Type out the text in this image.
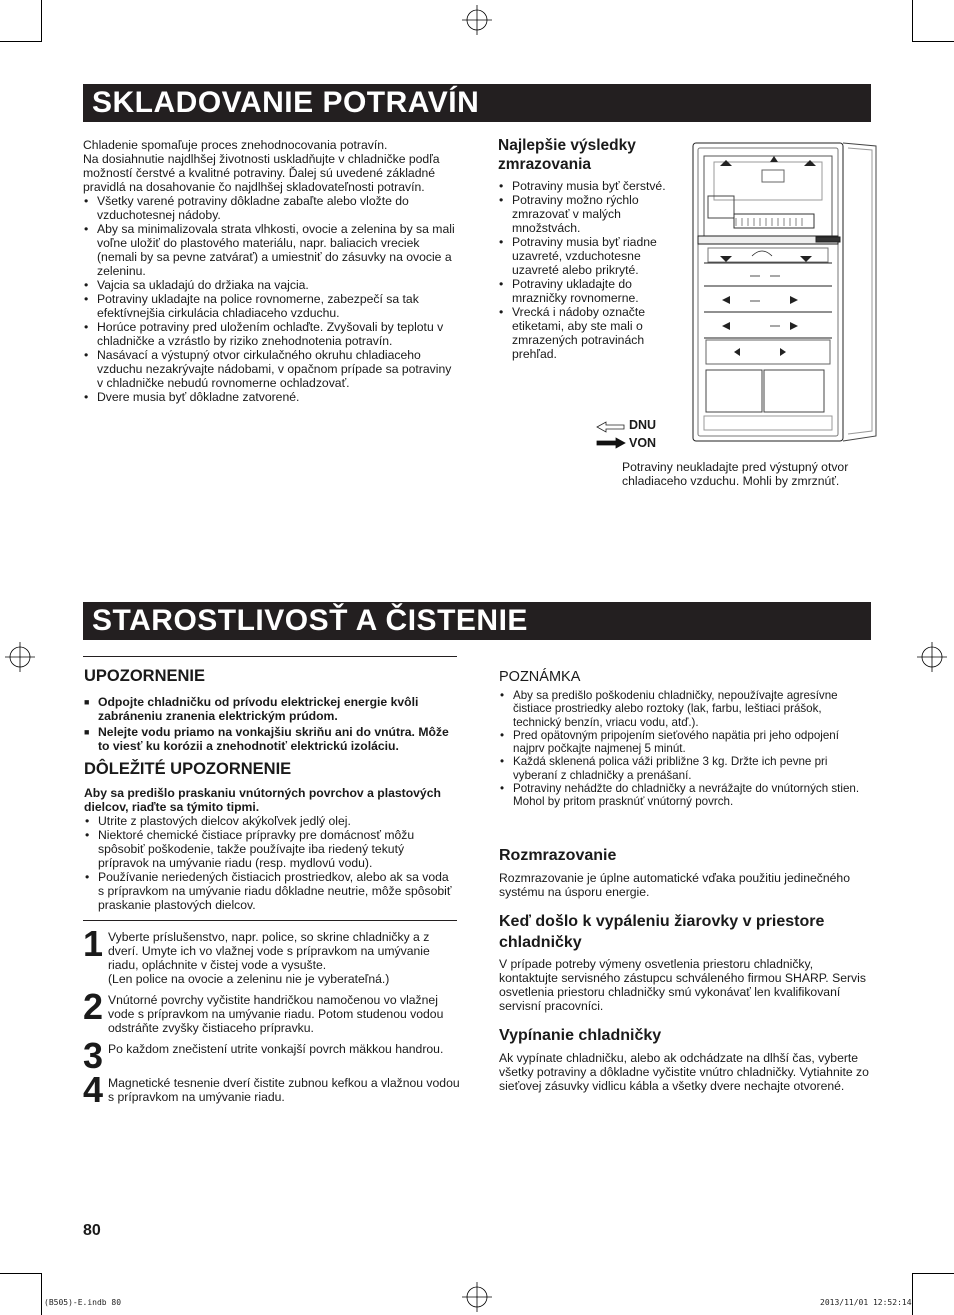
SKLADOVANIE POTRAVÍN

Chladenie spomaľuje proces znehodnocovania potravín.

Na dosiahnutie najdlhšej životnosti uskladňujte v chladničke podľa možností čerstvé a kvalitné potraviny. Ďalej sú uvedené základné pravidlá na dosahovanie čo najdlhšej skladovateľnosti potravín.

• Všetky varené potraviny dôkladne zabaľte alebo vložte do vzduchotesnej nádoby.
• Aby sa minimalizovala strata vlhkosti, ovocie a zelenina by sa mali voľne uložiť do plastového materiálu, napr. baliacich vreciek (nemali by sa pevne zatvárať) a umiestniť do zásuvky na ovocie a zeleninu.
• Vajcia sa ukladajú do držiaka na vajcia.
• Potraviny ukladajte na police rovnomerne, zabezpečí sa tak efektívnejšia cirkulácia chladiaceho vzduchu.
• Horúce potraviny pred uložením ochlaďte. Zvyšovali by teplotu v chladničke a vzrástlo by riziko znehodnotenia potravín.
• Nasávací a výstupný otvor cirkulačného okruhu chladiaceho vzduchu nezakrývajte nádobami, v opačnom prípade sa potraviny v chladničke nebudú rovnomerne ochladzovať.
• Dvere musia byť dôkladne zatvorené.

Najlepšie výsledky zmrazovania

• Potraviny musia byť čerstvé.
• Potraviny možno rýchlo zmrazovať v malých množstvách.
• Potraviny musia byť riadne uzavreté, vzduchotesne uzavreté alebo prikryté.
• Potraviny ukladajte do mrazničky rovnomerne.
• Vrecká i nádoby označte etiketami, aby ste mali o zmrazených potravinách prehľad.
DNU
VON
Potraviny neukladajte pred výstupný otvor chladiaceho vzduchu. Mohli by zmrznúť.
STAROSTLIVOSŤ A ČISTENIE

UPOZORNENIE

■ Odpojte chladničku od prívodu elektrickej energie kvôli zabráneniu zranenia elektrickým prúdom.
■ Nelejte vodu priamo na vonkajšiu skriňu ani do vnútra. Môže to viesť ku korózii a znehodnotiť elektrickú izoláciu.

DÔLEŽITÉ UPOZORNENIE

Aby sa predišlo praskaniu vnútorných povrchov a plastových dielcov, riaďte sa týmito tipmi.

• Utrite z plastových dielcov akýkoľvek jedlý olej.
• Niektoré chemické čistiace prípravky pre domácnosť môžu spôsobiť poškodenie, takže používajte iba riedený tekutý prípravok na umývanie riadu (resp. mydlovú vodu).
• Používanie neriedených čistiacich prostriedkov, alebo ak sa voda s prípravkom na umývanie riadu dôkladne neutrie, môže spôsobiť praskanie plastových dielcov.
1 Vyberte príslušenstvo, napr. police, so skrine chladničky a z dverí. Umyte ich vo vlažnej vode s prípravkom na umývanie riadu, opláchnite v čistej vode a vysušte.
(Len police na ovocie a zeleninu nie je vyberateľná.)
2 Vnútorné povrchy vyčistite handričkou namočenou vo vlažnej vode s prípravkom na umývanie riadu. Potom studenou vodou odstráňte zvyšky čistiaceho prípravku.
3 Po každom znečistení utrite vonkajší povrch mäkkou handrou.
4 Magnetické tesnenie dverí čistite zubnou kefkou a vlažnou vodou s prípravkom na umývanie riadu.

POZNÁMKA

• Aby sa predišlo poškodeniu chladničky, nepoužívajte agresívne čistiace prostriedky alebo roztoky (lak, farbu, leštiaci prášok, technický benzín, vriacu vodu, atď.).
• Pred opätovným pripojením sieťového napätia pri jeho odpojení najprv počkajte najmenej 5 minút.
• Každá sklenená polica váži približne 3 kg. Držte ich pevne pri vyberaní z chladničky a prenášaní.
• Potraviny nehádžte do chladničky a nevrážajte do vnútorných stien. Mohol by pritom prasknúť vnútorný povrch.

Rozmrazovanie

Rozmrazovanie je úplne automatické vďaka použitiu jedinečného systému na úsporu energie.

Keď došlo k vypáleniu žiarovky v priestore chladničky

V prípade potreby výmeny osvetlenia priestoru chladničky, kontaktujte servisného zástupcu schváleného firmou SHARP. Servis osvetlenia priestoru chladničky smú vykonávať len kvalifikovaní servisní pracovníci.

Vypínanie chladničky

Ak vypínate chladničku, alebo ak odchádzate na dlhší čas, vyberte všetky potraviny a dôkladne vyčistite vnútro chladničky. Vytiahnite zo sieťovej zásuvky vidlicu kábla a všetky dvere nechajte otvorené.

80
(B505)-E.indb 80	2013/11/01 12:52:14
